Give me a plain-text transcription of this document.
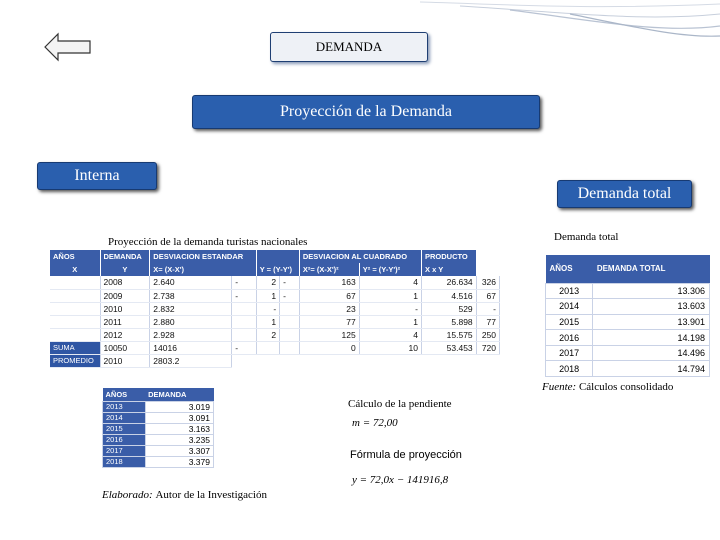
DEMANDA
Proyección de la Demanda
Interna
Demanda total
Proyección de la demanda turistas nacionales	Demanda total
AÑOS	DEMANDA	DESVIACION ESTANDAR				DESVIACION AL CUADRADO		PRODUCTO	
X	Y	X= (X-X')		Y = (Y-Y')		X²= (X-X')²	Y² = (Y-Y')²	X x Y	
	2008	2.640	-	2	-	163	4	26.634	326
	2009	2.738	-	1	-	67	1	4.516	67
	2010	2.832		-		23	-	529	-
	2011	2.880		1		77	1	5.898	77
	2012	2.928		2		125	4	15.575	250
SUMA	10050	14016	-			0	10	53.453	720
PROMEDIO	2010	2803.2							
AÑOS	DEMANDA
2013	3.019
2014	3.091
2015	3.163
2016	3.235
2017	3.307
2018	3.379
AÑOS	DEMANDA TOTAL
2013	13.306
2014	13.603
2015	13.901
2016	14.198
2017	14.496
2018	14.794
Fuente: Cálculos consolidado
Cálculo de la pendiente
m = 72,00
Fórmula de proyección
y = 72,0x − 141916,8
Elaborado: Autor de la Investigación
